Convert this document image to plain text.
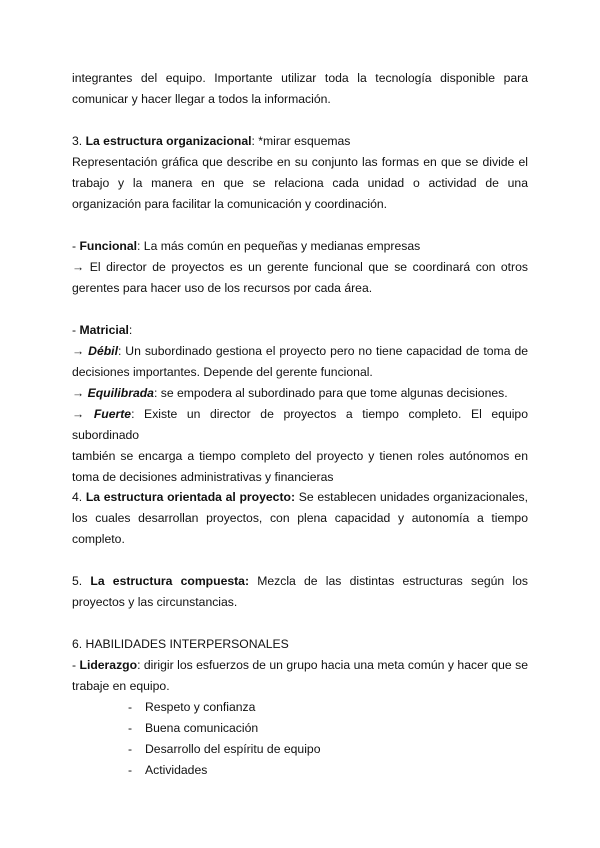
integrantes del equipo. Importante utilizar toda la tecnología disponible para
comunicar y hacer llegar a todos la información.
3. La estructura organizacional: *mirar esquemas
Representación gráfica que describe en su conjunto las formas en que se divide el
trabajo y la manera en que se relaciona cada unidad o actividad de una
organización para facilitar la comunicación y coordinación.
- Funcional: La más común en pequeñas y medianas empresas
→ El director de proyectos es un gerente funcional que se coordinará con otros
gerentes para hacer uso de los recursos por cada área.
- Matricial:
→ Débil: Un subordinado gestiona el proyecto pero no tiene capacidad de toma de
decisiones importantes. Depende del gerente funcional.
→ Equilibrada: se empodera al subordinado para que tome algunas decisiones.
→ Fuerte: Existe un director de proyectos a tiempo completo. El equipo subordinado
también se encarga a tiempo completo del proyecto y tienen roles autónomos en
toma de decisiones administrativas y financieras
4. La estructura orientada al proyecto: Se establecen unidades organizacionales,
los cuales desarrollan proyectos, con plena capacidad y autonomía a tiempo
completo.
5. La estructura compuesta: Mezcla de las distintas estructuras según los
proyectos y las circunstancias.
6. HABILIDADES INTERPERSONALES
- Liderazgo: dirigir los esfuerzos de un grupo hacia una meta común y hacer que se
trabaje en equipo.
- Respeto y confianza
- Buena comunicación
- Desarrollo del espíritu de equipo
- Actividades
